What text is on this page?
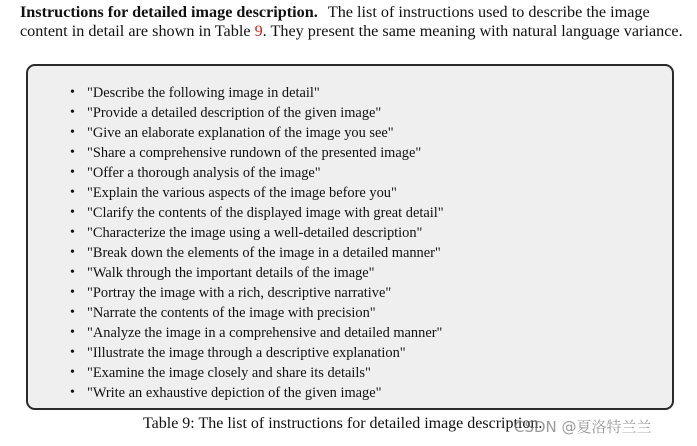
Instructions for detailed image description. The list of instructions used to describe the image content in detail are shown in Table 9. They present the same meaning with natural language variance.

• "Describe the following image in detail"
• "Provide a detailed description of the given image"
• "Give an elaborate explanation of the image you see"
• "Share a comprehensive rundown of the presented image"
• "Offer a thorough analysis of the image"
• "Explain the various aspects of the image before you"
• "Clarify the contents of the displayed image with great detail"
• "Characterize the image using a well-detailed description"
• "Break down the elements of the image in a detailed manner"
• "Walk through the important details of the image"
• "Portray the image with a rich, descriptive narrative"
• "Narrate the contents of the image with precision"
• "Analyze the image in a comprehensive and detailed manner"
• "Illustrate the image through a descriptive explanation"
• "Examine the image closely and share its details"
• "Write an exhaustive depiction of the given image"
Table 9: The list of instructions for detailed image description.
CSDN @夏洛特兰兰
